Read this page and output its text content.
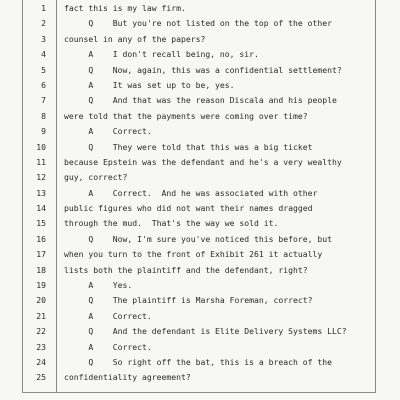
1 fact this is my law firm.
2 Q    But you're not listed on the top of the other
3 counsel in any of the papers?
4 A    I don't recall being, no, sir.
5 Q    Now, again, this was a confidential settlement?
6 A    It was set up to be, yes.
7 Q    And that was the reason Discala and his people
8 were told that the payments were coming over time?
9 A    Correct.
10 Q    They were told that this was a big ticket
11 because Epstein was the defendant and he's a very wealthy
12 guy, correct?
13 A    Correct.  And he was associated with other
14 public figures who did not want their names dragged
15 through the mud.  That's the way we sold it.
16 Q    Now, I'm sure you've noticed this before, but
17 when you turn to the front of Exhibit 261 it actually
18 lists both the plaintiff and the defendant, right?
19 A    Yes.
20 Q    The plaintiff is Marsha Foreman, correct?
21 A    Correct.
22 Q    And the defendant is Elite Delivery Systems LLC?
23 A    Correct.
24 Q    So right off the bat, this is a breach of the
25 confidentiality agreement?
